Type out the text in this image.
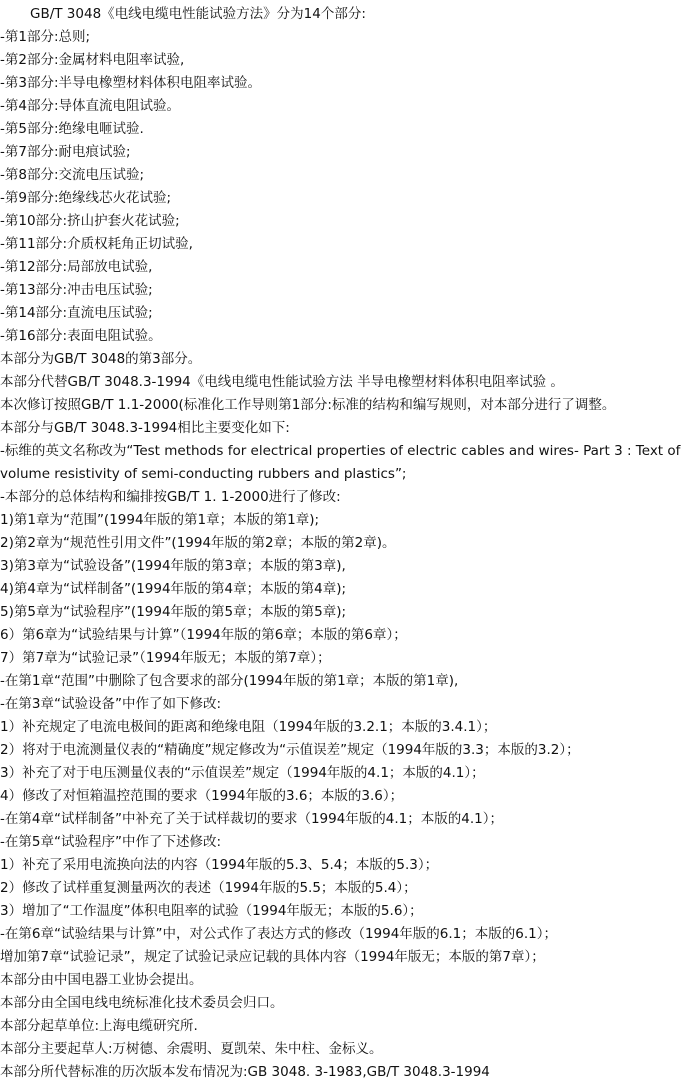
GB/T 3048《电线电缆电性能试验方法》分为14个部分:
-第1部分:总则;
-第2部分:金属材料电阻率试验,
-第3部分:半导电橡塑材料体积电阻率试验。
-第4部分:导体直流电阻试验。
-第5部分:绝缘电咂试验.
-第7部分:耐电痕试验;
-第8部分:交流电压试验;
-第9部分:绝缘线芯火花试验;
-第10部分:挤山护套火花试验;
-第11部分:介质权耗角正切试验,
-第12部分:局部放电试验,
-第13部分:冲击电压试验;
-第14部分:直流电压试验;
-第16部分:表面电阻试验。
本部分为GB/T 3048的第3部分。
本部分代替GB/T 3048.3-1994《电线电缆电性能试验方法 半导电橡塑材料体积电阻率试验 。
本次修订按照GB/T 1.1-2000(标准化工作导则第1部分:标准的结构和编写规则，对本部分进行了调整。
本部分与GB/T 3048.3-1994相比主要变化如下:
-标维的英文名称改为“Test methods for electrical properties of electric cables and wires- Part 3 : Text of volume resistivity of semi-conducting rubbers and plastics”;
-本部分的总体结构和编排按GB/T 1. 1-2000进行了修改:
1)第1章为“范围”(1994年版的第1章；本版的第1章);
2)第2章为“规范性引用文件”(1994年版的第2章；本版的第2章)。
3)第3章为“试验设备”(1994年版的第3章；本版的第3章),
4)第4章为“试样制备”(1994年版的第4章；本版的第4章);
5)第5章为“试验程序”(1994年版的第5章；本版的第5章);
6）第6章为“试验结果与计算”（1994年版的第6章；本版的第6章）；
7）第7章为“试验记录”（1994年版无；本版的第7章）；
-在第1章“范围”中删除了包含要求的部分(1994年版的第1章；本版的第1章),
-在第3章“试验设备”中作了如下修改:
1）补充规定了电流电极间的距离和绝缘电阻（1994年版的3.2.1；本版的3.4.1）；
2）将对于电流测量仪表的“精确度”规定修改为“示值误差”规定（1994年版的3.3；本版的3.2）；
3）补充了对于电压测量仪表的“示值误差”规定（1994年版的4.1；本版的4.1）；
4）修改了对恒箱温控范围的要求（1994年版的3.6；本版的3.6）；
-在第4章“试样制备”中补充了关于试样裁切的要求（1994年版的4.1；本版的4.1）；
-在第5章“试验程序”中作了下述修改:
1）补充了采用电流换向法的内容（1994年版的5.3、5.4；本版的5.3）；
2）修改了试样重复测量两次的表述（1994年版的5.5；本版的5.4）；
3）增加了“工作温度”体积电阻率的试验（1994年版无；本版的5.6）；
-在第6章“试验结果与计算”中，对公式作了表达方式的修改（1994年版的6.1；本版的6.1）；
增加第7章“试验记录”，规定了试验记录应记载的具体内容（1994年版无；本版的第7章）；
本部分由中国电器工业协会提出。
本部分由全国电线电统标准化技术委员会归口。
本部分起草单位:上海电缆研究所.
本部分主要起草人:万树德、余震明、夏凯荣、朱中柱、金标义。
本部分所代替标准的历次版本发布情况为:GB 3048. 3-1983,GB/T 3048.3-1994
